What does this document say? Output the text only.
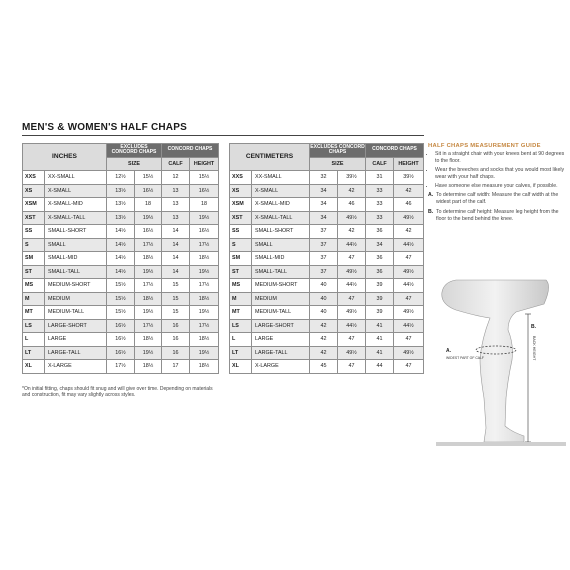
MEN'S & WOMEN'S HALF CHAPS
INCHES		EXCLUDES CONCORD CHAPS		CONCORD CHAPS		
		SIZE		CALF	HEIGHT		
XXS	XX-SMALL	12½	15½	12	15½	
XS	X-SMALL	13½	16½	13	16½	
XSM	X-SMALL-MID	13½	18	13	18	
XST	X-SMALL-TALL	13½	19½	13	19½	
SS	SMALL-SHORT	14½	16½	14	16½	
S	SMALL	14½	17½	14	17½	
SM	SMALL-MID	14½	18½	14	18½	
ST	SMALL-TALL	14½	19½	14	19½	
MS	MEDIUM-SHORT	15½	17½	15	17½	
M	MEDIUM	15½	18½	15	18½	
MT	MEDIUM-TALL	15½	19½	15	19½	
LS	LARGE-SHORT	16½	17½	16	17½	
L	LARGE	16½	18½	16	18½	
LT	LARGE-TALL	16½	19½	16	19½	
XL	X-LARGE	17½	18½	17	18½	
CENTIMETERS		EXCLUDES CONCORD CHAPS		CONCORD CHAPS		
		SIZE		CALF	HEIGHT		
XXS	XX-SMALL	32	39½	31	39½	
XS	X-SMALL	34	42	33	42	
XSM	X-SMALL-MID	34	46	33	46	
XST	X-SMALL-TALL	34	49½	33	49½	
SS	SMALL-SHORT	37	42	36	42	
S	SMALL	37	44½	34	44½	
SM	SMALL-MID	37	47	36	47	
ST	SMALL-TALL	37	49½	36	49½	
MS	MEDIUM-SHORT	40	44½	39	44½	
M	MEDIUM	40	47	39	47	
MT	MEDIUM-TALL	40	49½	39	49½	
LS	LARGE-SHORT	42	44½	41	44½	
L	LARGE	42	47	41	47	
LT	LARGE-TALL	42	49½	41	49½	
XL	X-LARGE	45	47	44	47	
*On initial fitting, chaps should fit snug and will give over time. Depending on materials and construction, fit may vary slightly across styles.
HALF CHAPS MEASUREMENT GUIDE
• Sit in a straight chair with your knees bent at 90 degrees to the floor.
• Wear the breeches and socks that you would most likely wear with your half chaps.
• Have someone else measure your calves, if possible.
A. To determine calf width: Measure the calf width at the widest part of the calf.
B. To determine calf height: Measure leg height from the floor to the bend behind the knee.
A.
WIDEST PART OF CALF
B.
BACK HEIGHT
